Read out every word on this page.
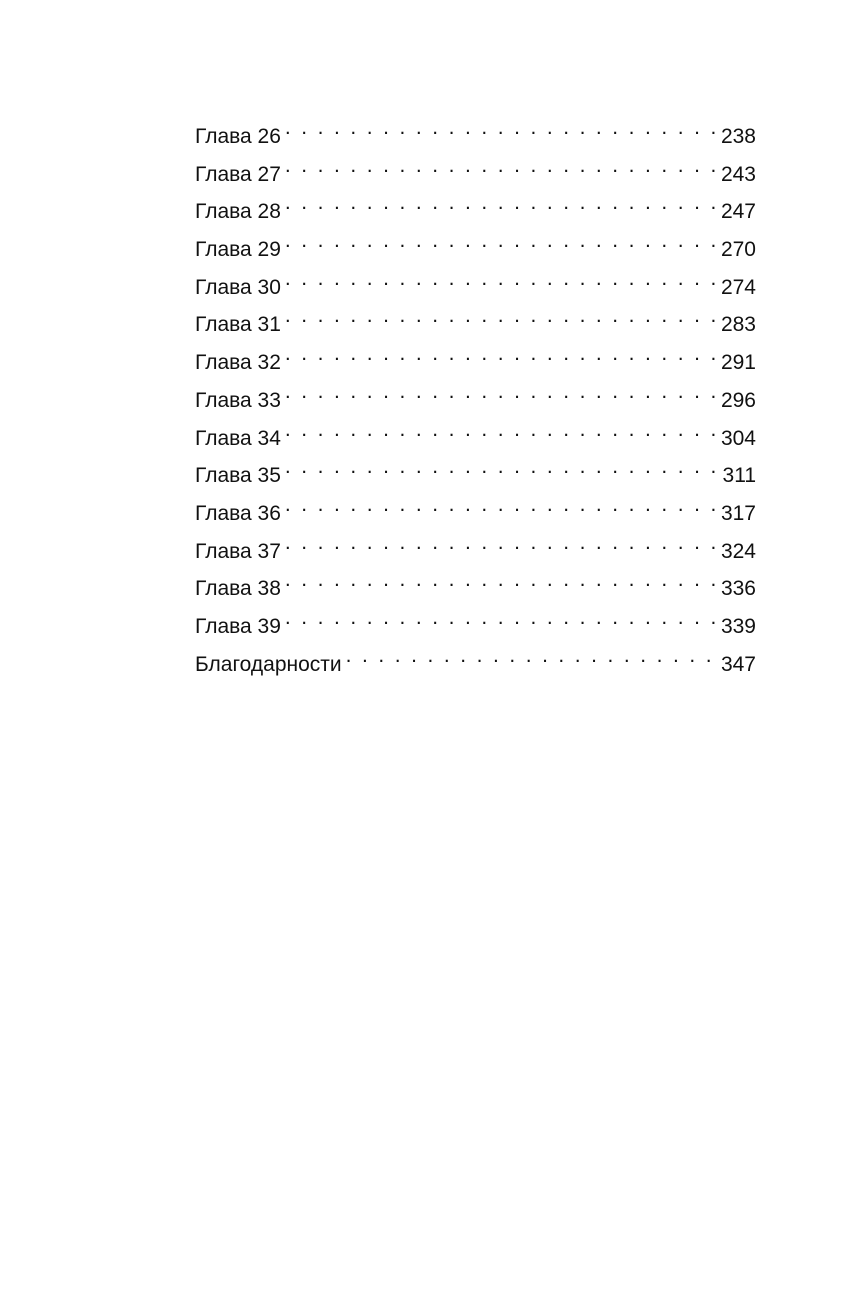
Глава 26 . . .	238
Глава 27 . . .	243
Глава 28 . . .	247
Глава 29 . . .	270
Глава 30 . . .	274
Глава 31 . . .	283
Глава 32 . . .	291
Глава 33 . . .	296
Глава 34 . . .	304
Глава 35 . . .	311
Глава 36 . . .	317
Глава 37 . . .	324
Глава 38 . . .	336
Глава 39 . . .	339
Благодарности . . .	347
